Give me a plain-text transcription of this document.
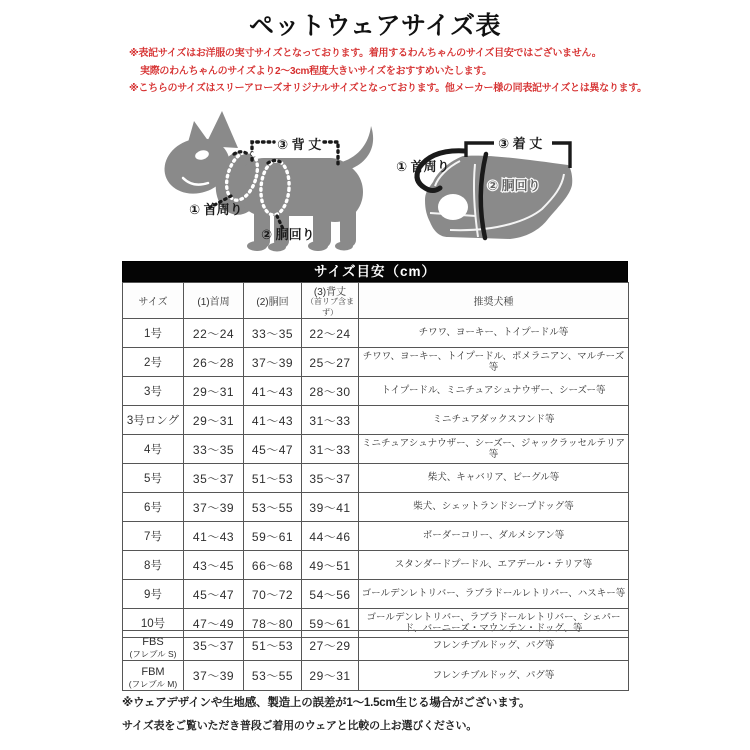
ペットウェアサイズ表
※表記サイズはお洋服の実寸サイズとなっております。着用するわんちゃんのサイズ目安ではございません。
実際のわんちゃんのサイズより2～3cm程度大きいサイズをおすすめいたします。
※こちらのサイズはスリーアローズオリジナルサイズとなっております。他メーカー様の同表記サイズとは異なります。
③ 背 丈
① 首周り
② 胴回り
③ 着 丈
① 首周り
② 胴回り
サイズ目安（cm）
サイズ	(1)首周	(2)胴回	(3)背丈
（首リブ含まず）	推奨犬種
1号	22～24	33～35	22～24	チワワ、ヨーキー、トイプードル等
2号	26～28	37～39	25～27	チワワ、ヨーキー、トイプードル、ポメラニアン、マルチーズ等
3号	29～31	41～43	28～30	トイプードル、ミニチュアシュナウザー、シーズー等
3号ロング	29～31	41～43	31～33	ミニチュアダックスフンド等
4号	33～35	45～47	31～33	ミニチュアシュナウザー、シーズー、ジャックラッセルテリア等
5号	35～37	51～53	35～37	柴犬、キャバリア、ビーグル等
6号	37～39	53～55	39～41	柴犬、シェットランドシープドッグ等
7号	41～43	59～61	44～46	ボーダーコリー、ダルメシアン等
8号	43～45	66～68	49～51	スタンダードプードル、エアデール・テリア等
9号	45～47	70～72	54～56	ゴールデンレトリバー、ラブラドールレトリバー、ハスキー等
10号	47～49	78～80	59～61	ゴールデンレトリバー、ラブラドールレトリバー、シェパード、バーニーズ・マウンテン・ドッグ、等
FBS
(フレブル S)	35～37	51～53	27～29	フレンチブルドッグ、パグ等
FBM
(フレブル M)	37～39	53～55	29～31	フレンチブルドッグ、パグ等
※ウェアデザインや生地感、製造上の誤差が1～1.5cm生じる場合がございます。
サイズ表をご覧いただき普段ご着用のウェアと比較の上お選びください。
